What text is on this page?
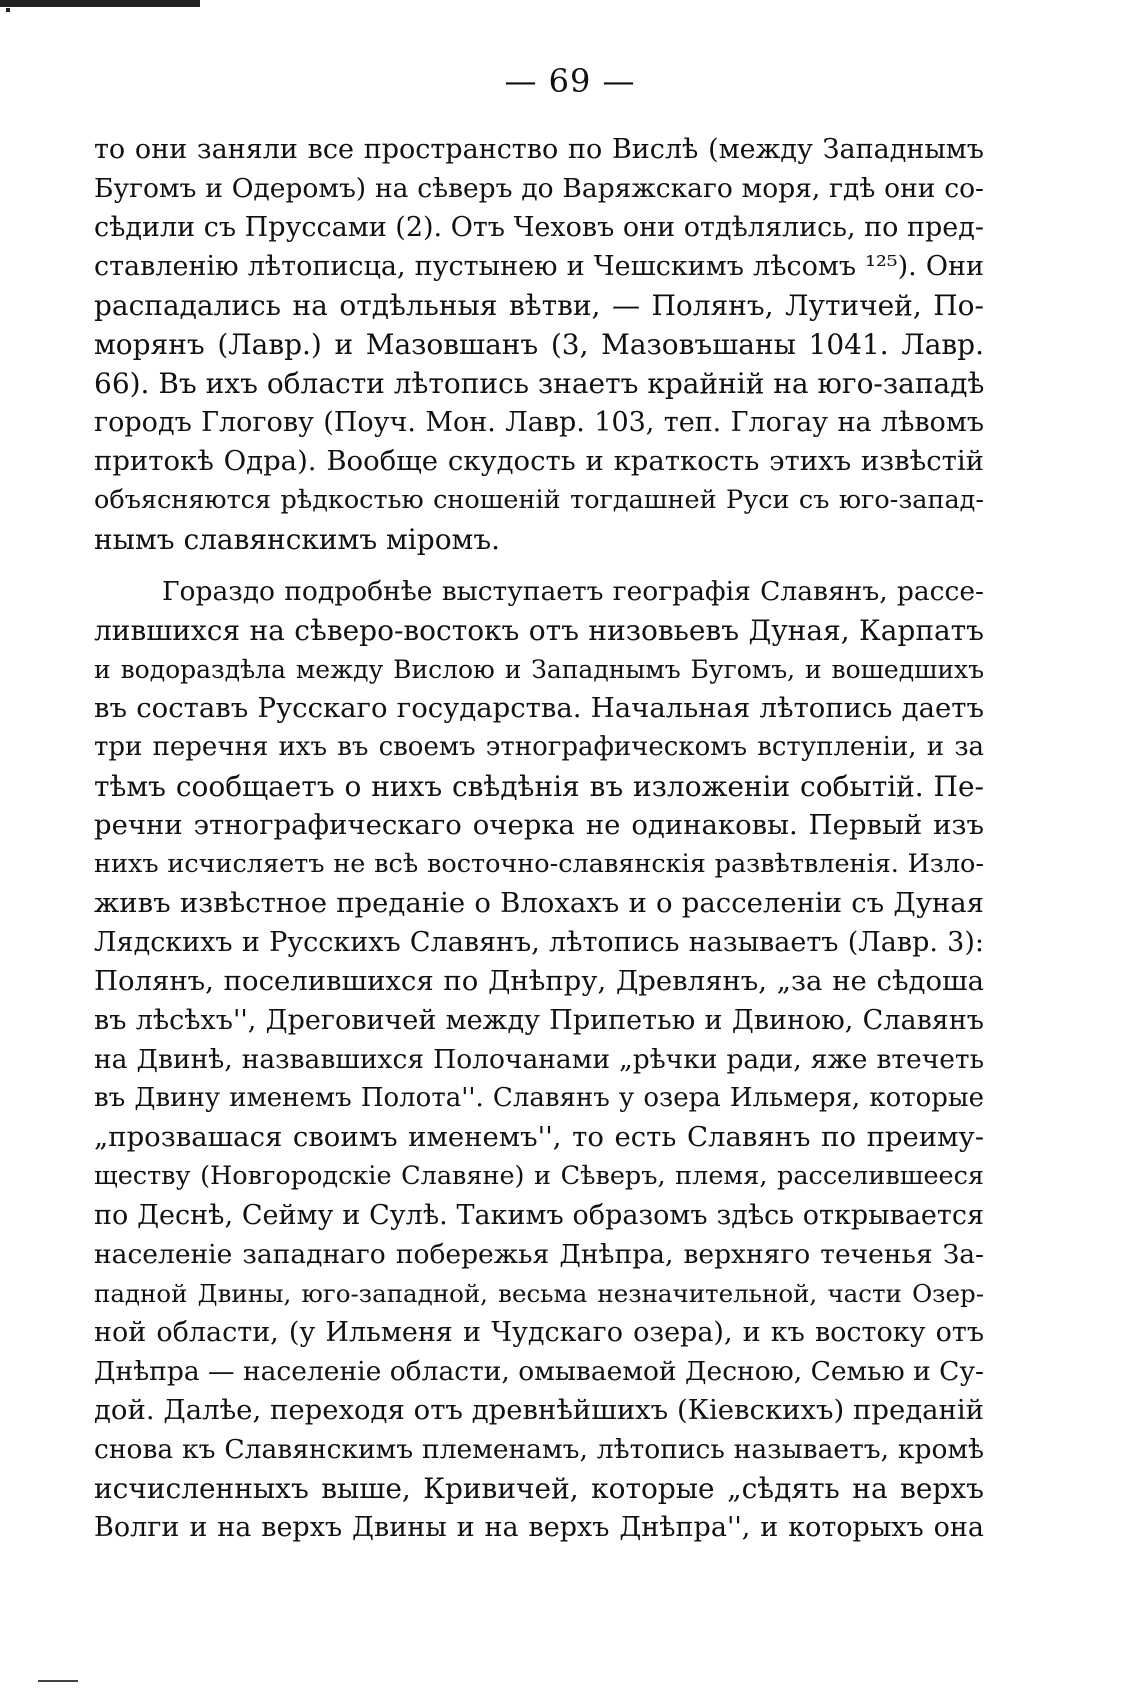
— 69 —
то они заняли все пространство по Вислѣ (между Западнымъ
Бугомъ и Одеромъ) на сѣверъ до Варяжскаго моря, гдѣ они со-
сѣдили съ Пруссами (2). Отъ Чеховъ они отдѣлялись, по пред-
ставленію лѣтописца, пустынею и Чешскимъ лѣсомъ ¹²⁵). Они
распадались на отдѣльныя вѣтви, — Полянъ, Лутичей, По-
морянъ (Лавр.) и Мазовшанъ (3, Мазовъшаны 1041. Лавр.
66). Въ ихъ области лѣтопись знаетъ крайній на юго-западѣ
городъ Глогову (Поуч. Мон. Лавр. 103, теп. Глогау на лѣвомъ
притокѣ Одра). Вообще скудость и краткость этихъ извѣстій
объясняются рѣдкостью сношеній тогдашней Руси съ юго-запад-
нымъ славянскимъ міромъ.
Гораздо подробнѣе выступаетъ географія Славянъ, рассе-
лившихся на сѣверо-востокъ отъ низовьевъ Дуная, Карпатъ
и водораздѣла между Вислою и Западнымъ Бугомъ, и вошедшихъ
въ составъ Русскаго государства. Начальная лѣтопись даетъ
три перечня ихъ въ своемъ этнографическомъ вступленіи, и за
тѣмъ сообщаетъ о нихъ свѣдѣнія въ изложеніи событій. Пе-
речни этнографическаго очерка не одинаковы. Первый изъ
нихъ исчисляетъ не всѣ восточно-славянскія развѣтвленія. Изло-
живъ извѣстное преданіе о Влохахъ и о расселеніи съ Дуная
Лядскихъ и Русскихъ Славянъ, лѣтопись называетъ (Лавр. 3):
Полянъ, поселившихся по Днѣпру, Древлянъ, „за не сѣдоша
въ лѣсѣхъ'', Дреговичей между Припетью и Двиною, Славянъ
на Двинѣ, назвавшихся Полочанами „рѣчки ради, яже втечеть
въ Двину именемъ Полота''. Славянъ у озера Ильмеря, которые
„прозвашася своимъ именемъ'', то есть Славянъ по преиму-
ществу (Новгородскіе Славяне) и Сѣверъ, племя, расселившееся
по Деснѣ, Сейму и Сулѣ. Такимъ образомъ здѣсь открывается
населеніе западнаго побережья Днѣпра, верхняго теченья За-
падной Двины, юго-западной, весьма незначительной, части Озер-
ной области, (у Ильменя и Чудскаго озера), и къ востоку отъ
Днѣпра — населеніе области, омываемой Десною, Семью и Су-
дой. Далѣе, переходя отъ древнѣйшихъ (Кіевскихъ) преданій
снова къ Славянскимъ племенамъ, лѣтопись называетъ, кромѣ
исчисленныхъ выше, Кривичей, которые „сѣдять на верхъ
Волги и на верхъ Двины и на верхъ Днѣпра'', и которыхъ она
